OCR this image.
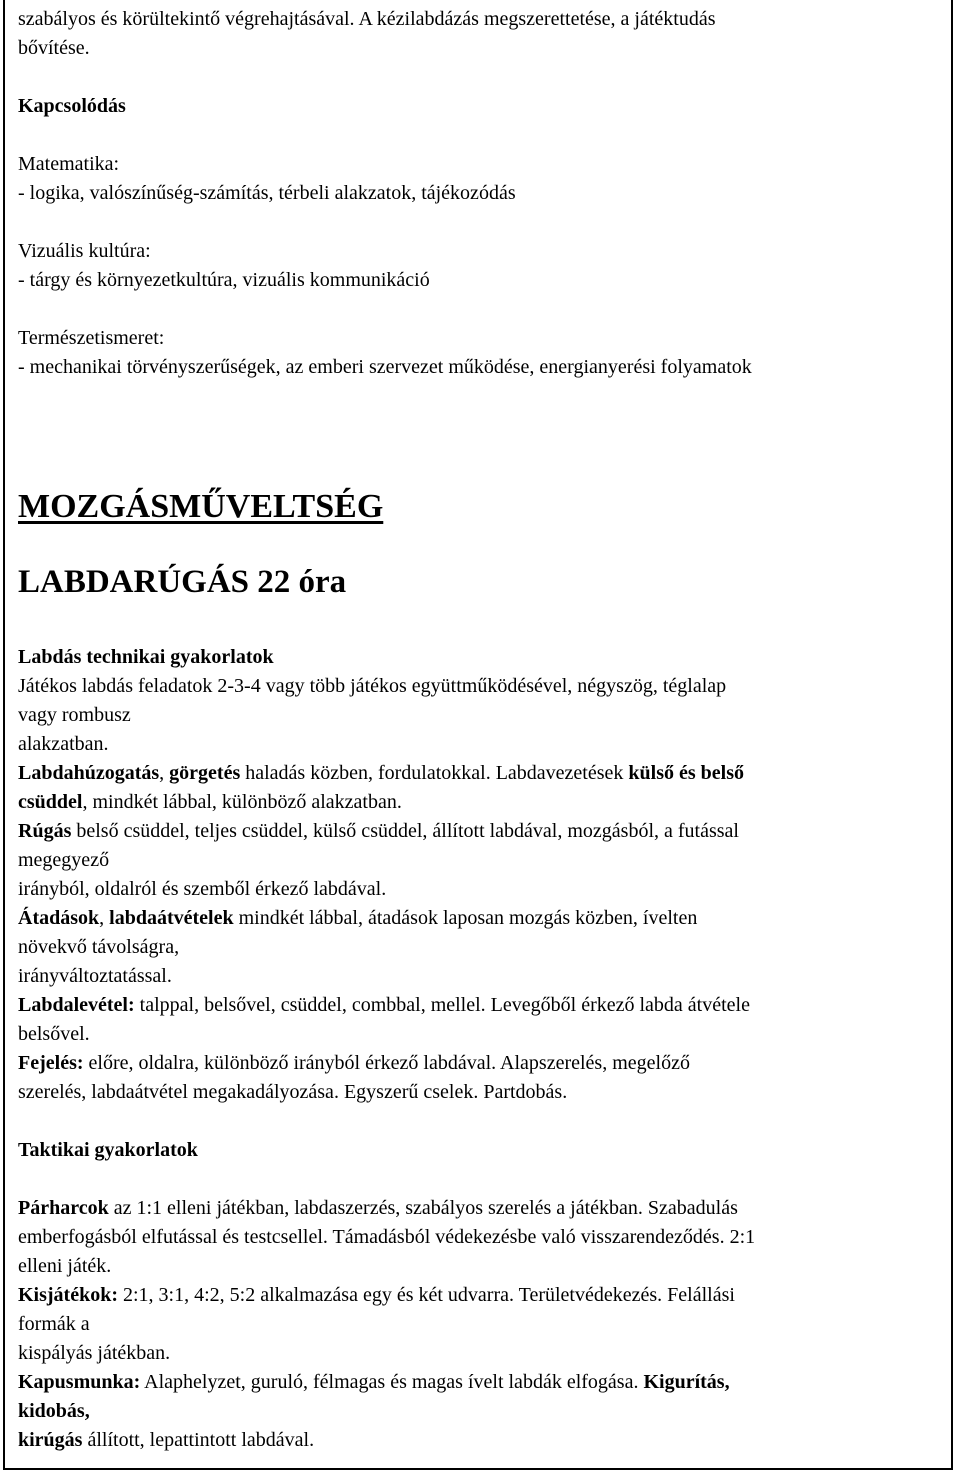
szabályos és körültekintő végrehajtásával. A kézilabdázás megszerettetése, a játéktudás
bővítése.
Kapcsolódás
Matematika:
- logika, valószínűség-számítás, térbeli alakzatok, tájékozódás
Vizuális kultúra:
- tárgy és környezetkultúra, vizuális kommunikáció
Természetismeret:
- mechanikai törvényszerűségek, az emberi szervezet működése, energianyerési folyamatok
MOZGÁSMŰVELTSÉG
LABDARÚGÁS 22 óra
Labdás technikai gyakorlatok
Játékos labdás feladatok 2-3-4 vagy több játékos együttműködésével, négyszög, téglalap
vagy rombusz
alakzatban.
Labdahúzogatás, görgetés haladás közben, fordulatokkal. Labdavezetések külső és belső
csüddel, mindkét lábbal, különböző alakzatban.
Rúgás belső csüddel, teljes csüddel, külső csüddel, állított labdával, mozgásból, a futással
megegyező
irányból, oldalról és szemből érkező labdával.
Átadások, labdaátvételek mindkét lábbal, átadások laposan mozgás közben, ívelten
növekvő távolságra,
irányváltoztatással.
Labdalevétel: talppal, belsővel, csüddel, combbal, mellel. Levegőből érkező labda átvétele
belsővel.
Fejelés: előre, oldalra, különböző irányból érkező labdával. Alapszerelés, megelőző
szerelés, labdaátvétel megakadályozása. Egyszerű cselek. Partdobás.
Taktikai gyakorlatok
Párharcok az 1:1 elleni játékban, labdaszerzés, szabályos szerelés a játékban. Szabadulás
emberfogásból elfutással és testcsellel. Támadásból védekezésbe való visszarendeződés. 2:1
elleni játék.
Kisjátékok: 2:1, 3:1, 4:2, 5:2 alkalmazása egy és két udvarra. Területvédekezés. Felállási
formák a
kispályás játékban.
Kapusmunka: Alaphelyzet, guruló, félmagas és magas ívelt labdák elfogása. Kigurítás,
kidobás,
kirúgás állított, lepattintott labdával.
